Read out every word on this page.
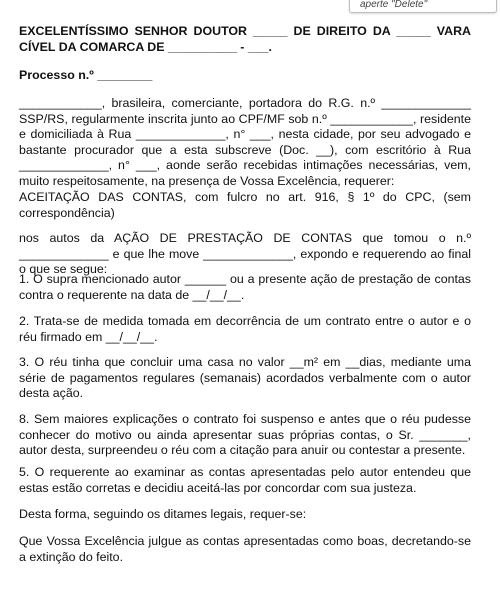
aperte "Delete"

EXCELENTÍSSIMO SENHOR DOUTOR _____ DE DIREITO DA _____ VARA CÍVEL DA COMARCA DE __________ - ___.

Processo n.º ________

____________, brasileira, comerciante, portadora do R.G. n.º _____________ SSP/RS, regularmente inscrita junto ao CPF/MF sob n.º ____________, residente e domiciliada à Rua _____________, n° ___, nesta cidade, por seu advogado e bastante procurador que a esta subscreve (Doc. __), com escritório à Rua _____________, n° ___, aonde serão recebidas intimações necessárias, vem, muito respeitosamente, na presença de Vossa Excelência, requerer:

ACEITAÇÃO DAS CONTAS, com fulcro no art. 916, § 1º do CPC, (sem correspondência)

nos autos da AÇÃO DE PRESTAÇÃO DE CONTAS que tomou o n.º _____________ e que lhe move _____________, expondo e requerendo ao final o que se segue:

1. O supra mencionado autor ______ ou a presente ação de prestação de contas contra o requerente na data de __/__/__.

2. Trata-se de medida tomada em decorrência de um contrato entre o autor e o réu firmado em __/__/__.

3. O réu tinha que concluir uma casa no valor __m² em __dias, mediante uma série de pagamentos regulares (semanais) acordados verbalmente com o autor desta ação.

8. Sem maiores explicações o contrato foi suspenso e antes que o réu pudesse conhecer do motivo ou ainda apresentar suas próprias contas, o Sr. _______, autor desta, surpreendeu o réu com a citação para anuir ou contestar a presente.

5. O requerente ao examinar as contas apresentadas pelo autor entendeu que estas estão corretas e decidiu aceitá-las por concordar com sua justeza.

Desta forma, seguindo os ditames legais, requer-se:

Que Vossa Excelência julgue as contas apresentadas como boas, decretando-se a extinção do feito.
